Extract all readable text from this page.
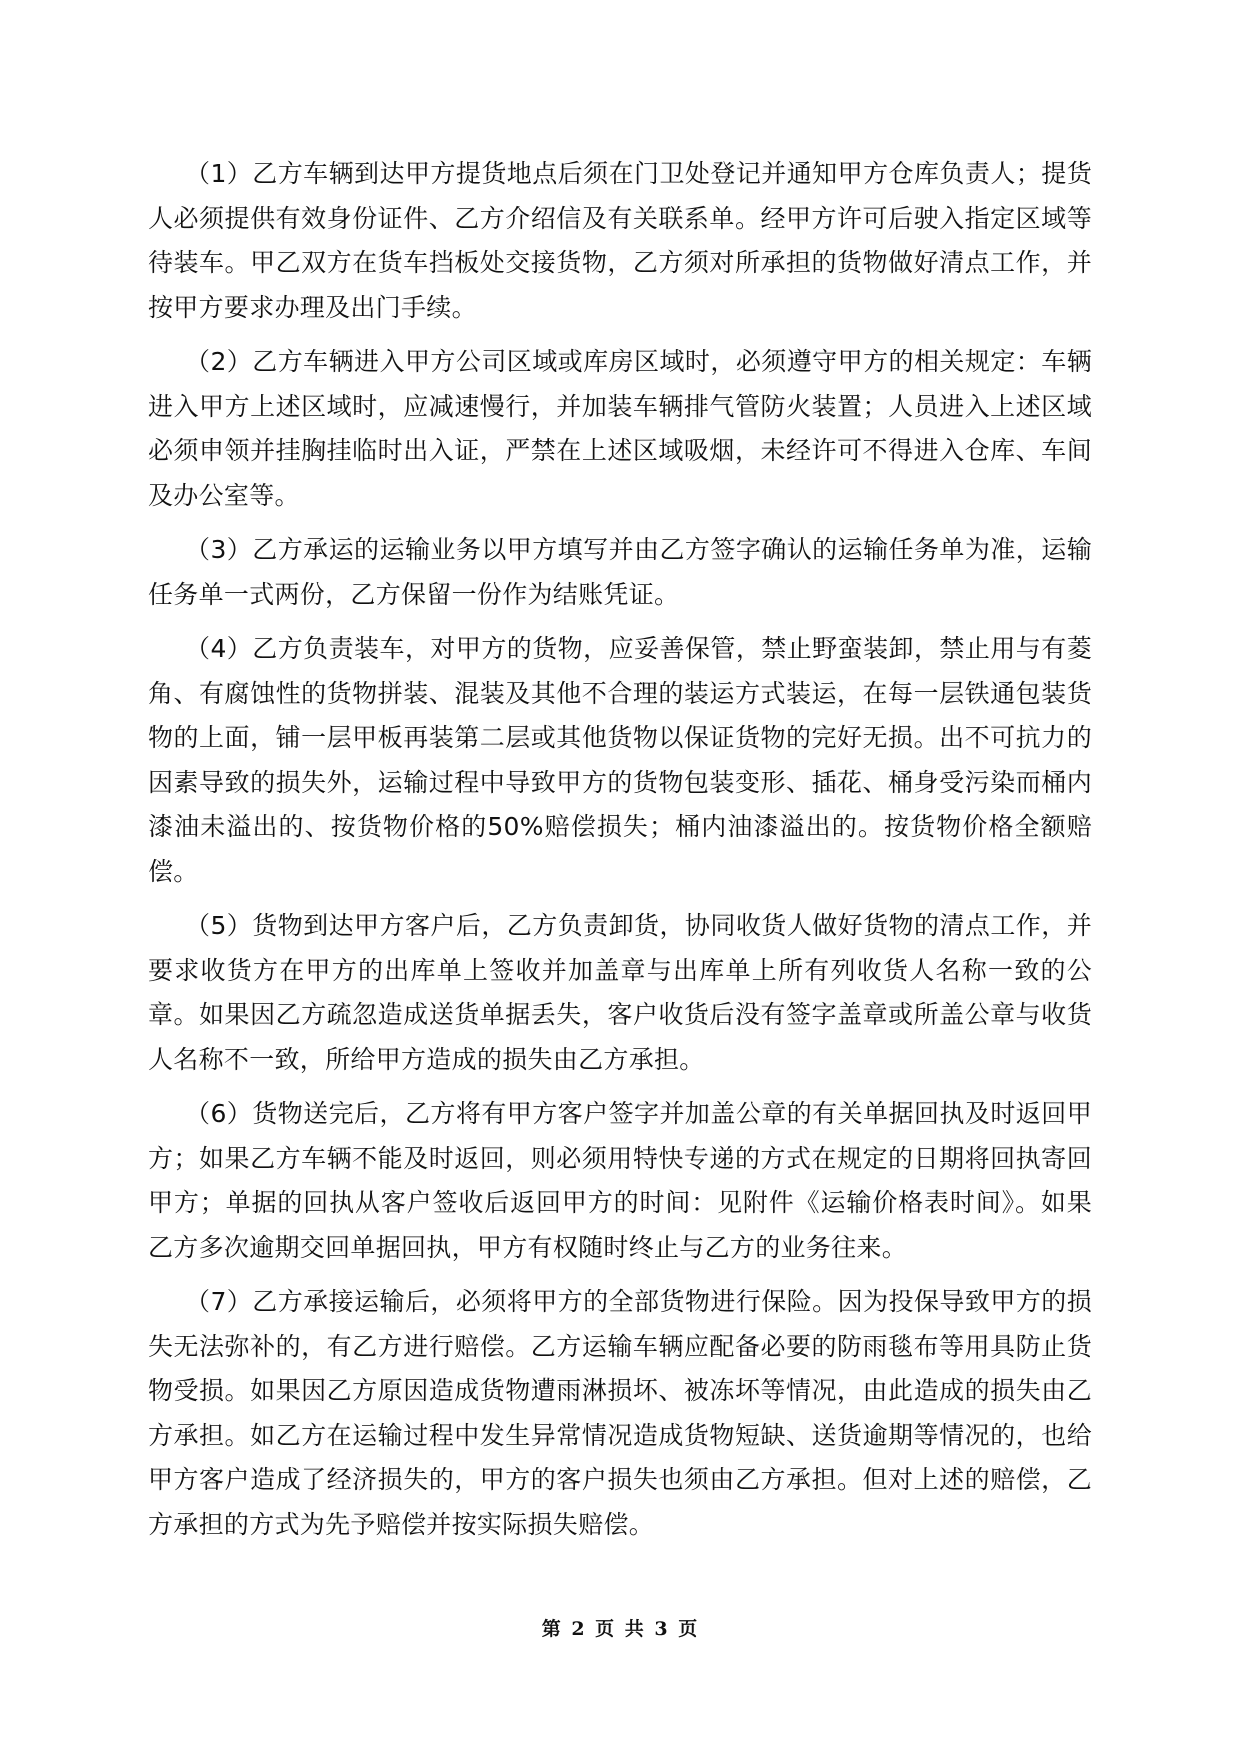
（1）乙方车辆到达甲方提货地点后须在门卫处登记并通知甲方仓库负责人；提货人必须提供有效身份证件、乙方介绍信及有关联系单。经甲方许可后驶入指定区域等待装车。甲乙双方在货车挡板处交接货物，乙方须对所承担的货物做好清点工作，并按甲方要求办理及出门手续。

（2）乙方车辆进入甲方公司区域或库房区域时，必须遵守甲方的相关规定：车辆进入甲方上述区域时，应减速慢行，并加装车辆排气管防火装置；人员进入上述区域必须申领并挂胸挂临时出入证，严禁在上述区域吸烟，未经许可不得进入仓库、车间及办公室等。

（3）乙方承运的运输业务以甲方填写并由乙方签字确认的运输任务单为准，运输任务单一式两份，乙方保留一份作为结账凭证。

（4）乙方负责装车，对甲方的货物，应妥善保管，禁止野蛮装卸，禁止用与有菱角、有腐蚀性的货物拼装、混装及其他不合理的装运方式装运，在每一层铁通包装货物的上面，铺一层甲板再装第二层或其他货物以保证货物的完好无损。出不可抗力的因素导致的损失外，运输过程中导致甲方的货物包装变形、插花、桶身受污染而桶内漆油未溢出的、按货物价格的50%赔偿损失；桶内油漆溢出的。按货物价格全额赔偿。

（5）货物到达甲方客户后，乙方负责卸货，协同收货人做好货物的清点工作，并要求收货方在甲方的出库单上签收并加盖章与出库单上所有列收货人名称一致的公章。如果因乙方疏忽造成送货单据丢失，客户收货后没有签字盖章或所盖公章与收货人名称不一致，所给甲方造成的损失由乙方承担。

（6）货物送完后，乙方将有甲方客户签字并加盖公章的有关单据回执及时返回甲方；如果乙方车辆不能及时返回，则必须用特快专递的方式在规定的日期将回执寄回甲方；单据的回执从客户签收后返回甲方的时间：见附件《运输价格表时间》。如果乙方多次逾期交回单据回执，甲方有权随时终止与乙方的业务往来。

（7）乙方承接运输后，必须将甲方的全部货物进行保险。因为投保导致甲方的损失无法弥补的，有乙方进行赔偿。乙方运输车辆应配备必要的防雨毯布等用具防止货物受损。如果因乙方原因造成货物遭雨淋损坏、被冻坏等情况，由此造成的损失由乙方承担。如乙方在运输过程中发生异常情况造成货物短缺、送货逾期等情况的，也给甲方客户造成了经济损失的，甲方的客户损失也须由乙方承担。但对上述的赔偿，乙方承担的方式为先予赔偿并按实际损失赔偿。

第 2 页 共 3 页
